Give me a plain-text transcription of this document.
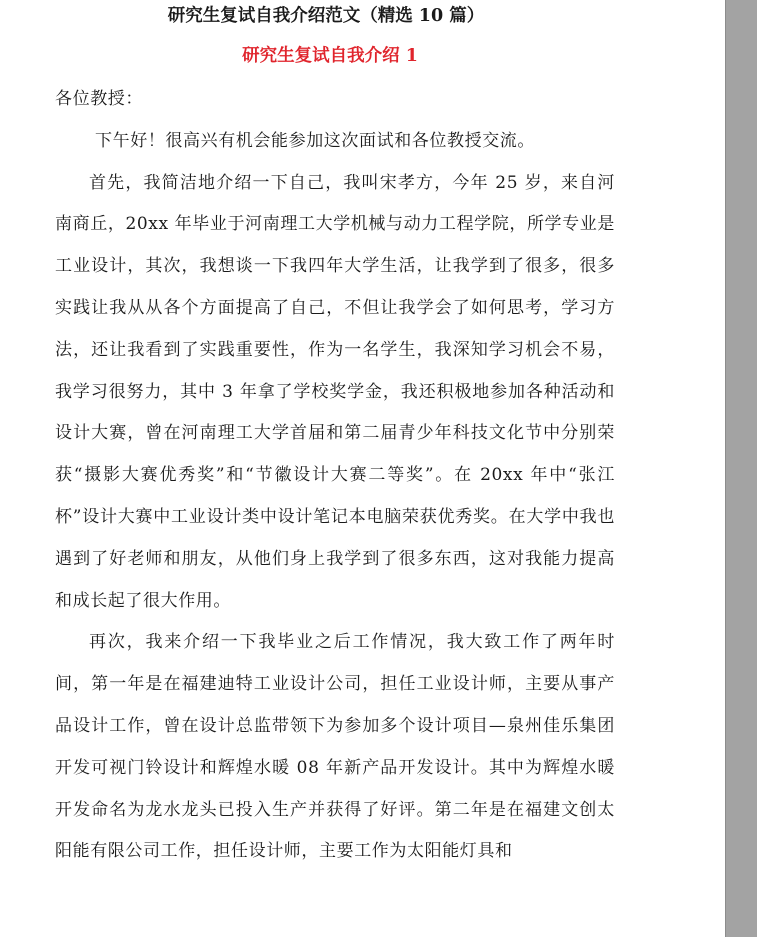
研究生复试自我介绍范文（精选 10 篇）
研究生复试自我介绍 1

各位教授：

下午好！很高兴有机会能参加这次面试和各位教授交流。

首先，我简洁地介绍一下自己，我叫宋孝方，今年 25 岁，来自河南商丘，20xx 年毕业于河南理工大学机械与动力工程学院，所学专业是工业设计，其次，我想谈一下我四年大学生活，让我学到了很多，很多实践让我从从各个方面提高了自己，不但让我学会了如何思考，学习方法，还让我看到了实践重要性，作为一名学生，我深知学习机会不易，我学习很努力，其中 3 年拿了学校奖学金，我还积极地参加各种活动和设计大赛，曾在河南理工大学首届和第二届青少年科技文化节中分别荣获“摄影大赛优秀奖”和“节徽设计大赛二等奖”。在 20xx 年中“张江杯”设计大赛中工业设计类中设计笔记本电脑荣获优秀奖。在大学中我也遇到了好老师和朋友，从他们身上我学到了很多东西，这对我能力提高和成长起了很大作用。

再次，我来介绍一下我毕业之后工作情况，我大致工作了两年时间，第一年是在福建迪特工业设计公司，担任工业设计师，主要从事产品设计工作，曾在设计总监带领下为参加多个设计项目—泉州佳乐集团开发可视门铃设计和辉煌水暖 08 年新产品开发设计。其中为辉煌水暖开发命名为龙水龙头已投入生产并获得了好评。第二年是在福建文创太阳能有限公司工作，担任设计师，主要工作为太阳能灯具和
